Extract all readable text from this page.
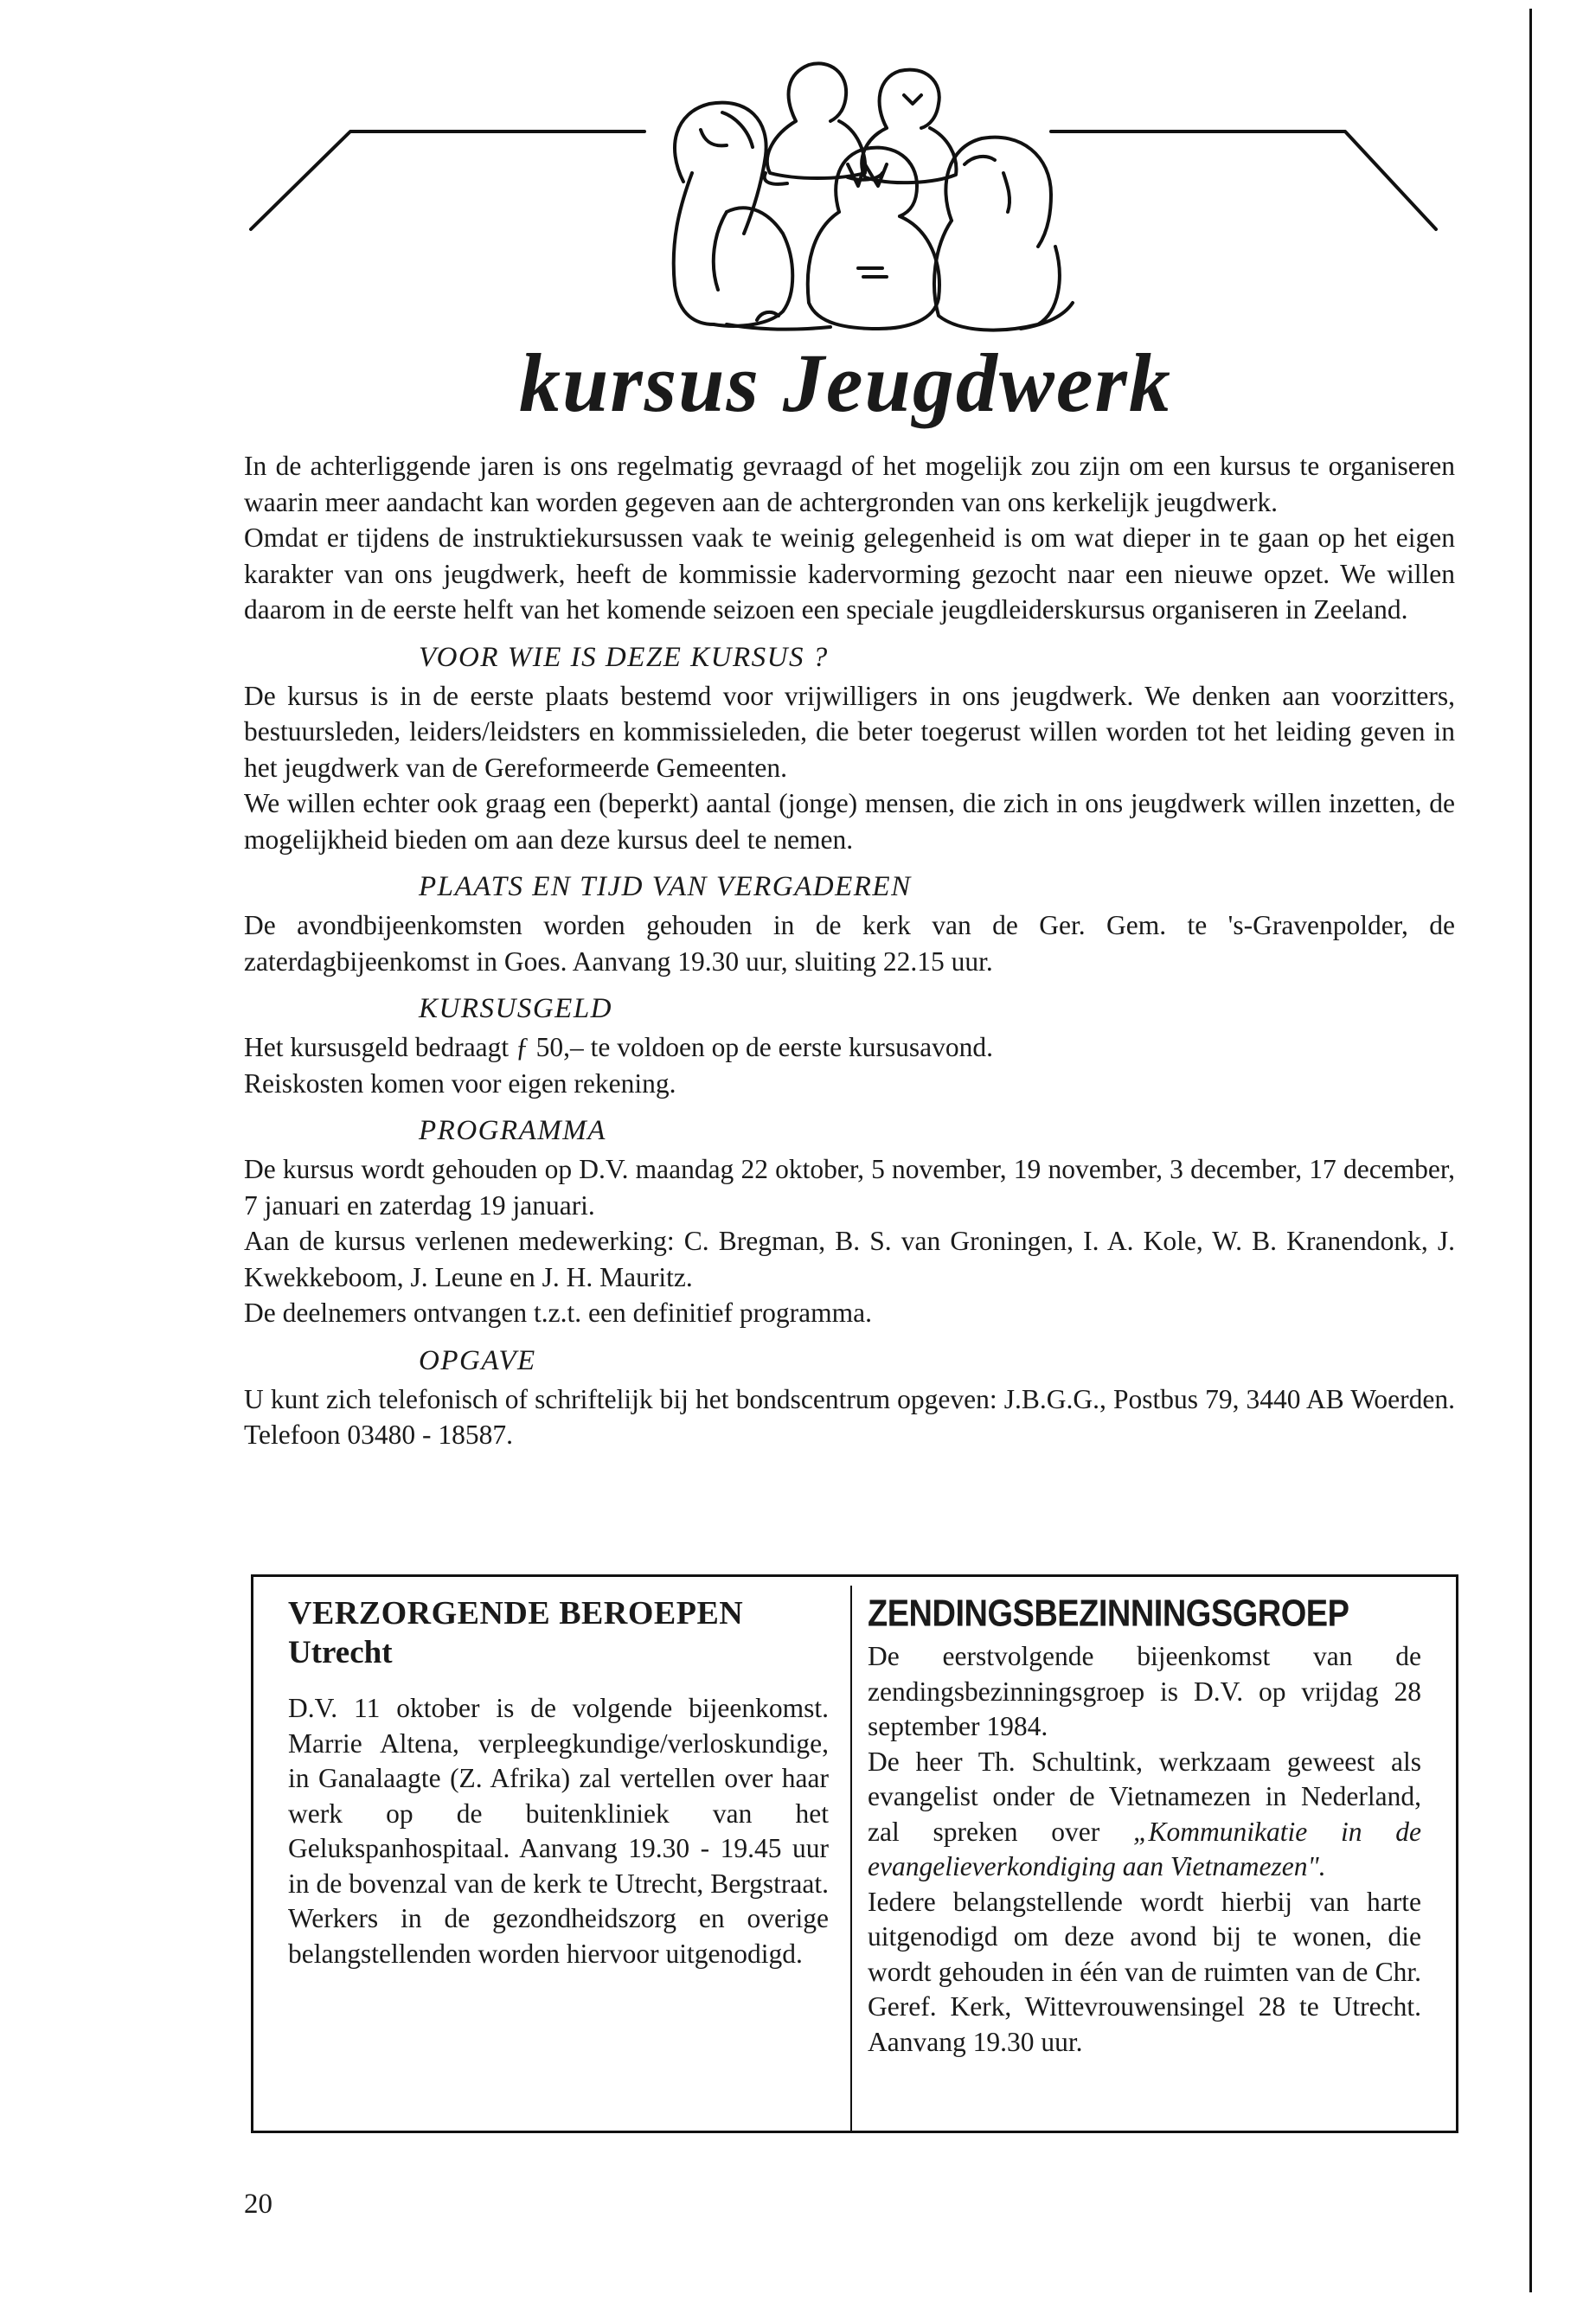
kursus Jeugdwerk

In de achterliggende jaren is ons regelmatig gevraagd of het mogelijk zou zijn om een kursus te organiseren waarin meer aandacht kan worden gegeven aan de achtergronden van ons kerkelijk jeugdwerk.

Omdat er tijdens de instruktiekursussen vaak te weinig gelegenheid is om wat dieper in te gaan op het eigen karakter van ons jeugdwerk, heeft de kommissie kadervorming gezocht naar een nieuwe opzet. We willen daarom in de eerste helft van het komende seizoen een speciale jeugdleiderskursus organiseren in Zeeland.

VOOR WIE IS DEZE KURSUS ?

De kursus is in de eerste plaats bestemd voor vrijwilligers in ons jeugdwerk. We denken aan voorzitters, bestuursleden, leiders/leidsters en kommissieleden, die beter toegerust willen worden tot het leiding geven in het jeugdwerk van de Gereformeerde Gemeenten.

We willen echter ook graag een (beperkt) aantal (jonge) mensen, die zich in ons jeugdwerk willen inzetten, de mogelijkheid bieden om aan deze kursus deel te nemen.

PLAATS EN TIJD VAN VERGADEREN

De avondbijeenkomsten worden gehouden in de kerk van de Ger. Gem. te 's-Gravenpolder, de zaterdagbijeenkomst in Goes. Aanvang 19.30 uur, sluiting 22.15 uur.

KURSUSGELD

Het kursusgeld bedraagt ƒ 50,– te voldoen op de eerste kursusavond.

Reiskosten komen voor eigen rekening.

PROGRAMMA

De kursus wordt gehouden op D.V. maandag 22 oktober, 5 november, 19 november, 3 december, 17 december, 7 januari en zaterdag 19 januari.

Aan de kursus verlenen medewerking: C. Bregman, B. S. van Groningen, I. A. Kole, W. B. Kranendonk, J. Kwekkeboom, J. Leune en J. H. Mauritz.

De deelnemers ontvangen t.z.t. een definitief programma.

OPGAVE

U kunt zich telefonisch of schriftelijk bij het bondscentrum opgeven: J.B.G.G., Postbus 79, 3440 AB Woerden. Telefoon 03480 - 18587.

VERZORGENDE BEROEPEN
Utrecht

D.V. 11 oktober is de volgende bijeenkomst. Marrie Altena, verpleegkundige/verloskundige, in Ganalaagte (Z. Afrika) zal vertellen over haar werk op de buitenkliniek van het Gelukspanhospitaal. Aanvang 19.30 - 19.45 uur in de bovenzal van de kerk te Utrecht, Bergstraat. Werkers in de gezondheidszorg en overige belangstellenden worden hiervoor uitgenodigd.

ZENDINGSBEZINNINGSGROEP

De eerstvolgende bijeenkomst van de zendingsbezinningsgroep is D.V. op vrijdag 28 september 1984.

De heer Th. Schultink, werkzaam geweest als evangelist onder de Vietnamezen in Nederland, zal spreken over „Kommunikatie in de evangelieverkondiging aan Vietnamezen".

Iedere belangstellende wordt hierbij van harte uitgenodigd om deze avond bij te wonen, die wordt gehouden in één van de ruimten van de Chr. Geref. Kerk, Wittevrouwensingel 28 te Utrecht. Aanvang 19.30 uur.

20
